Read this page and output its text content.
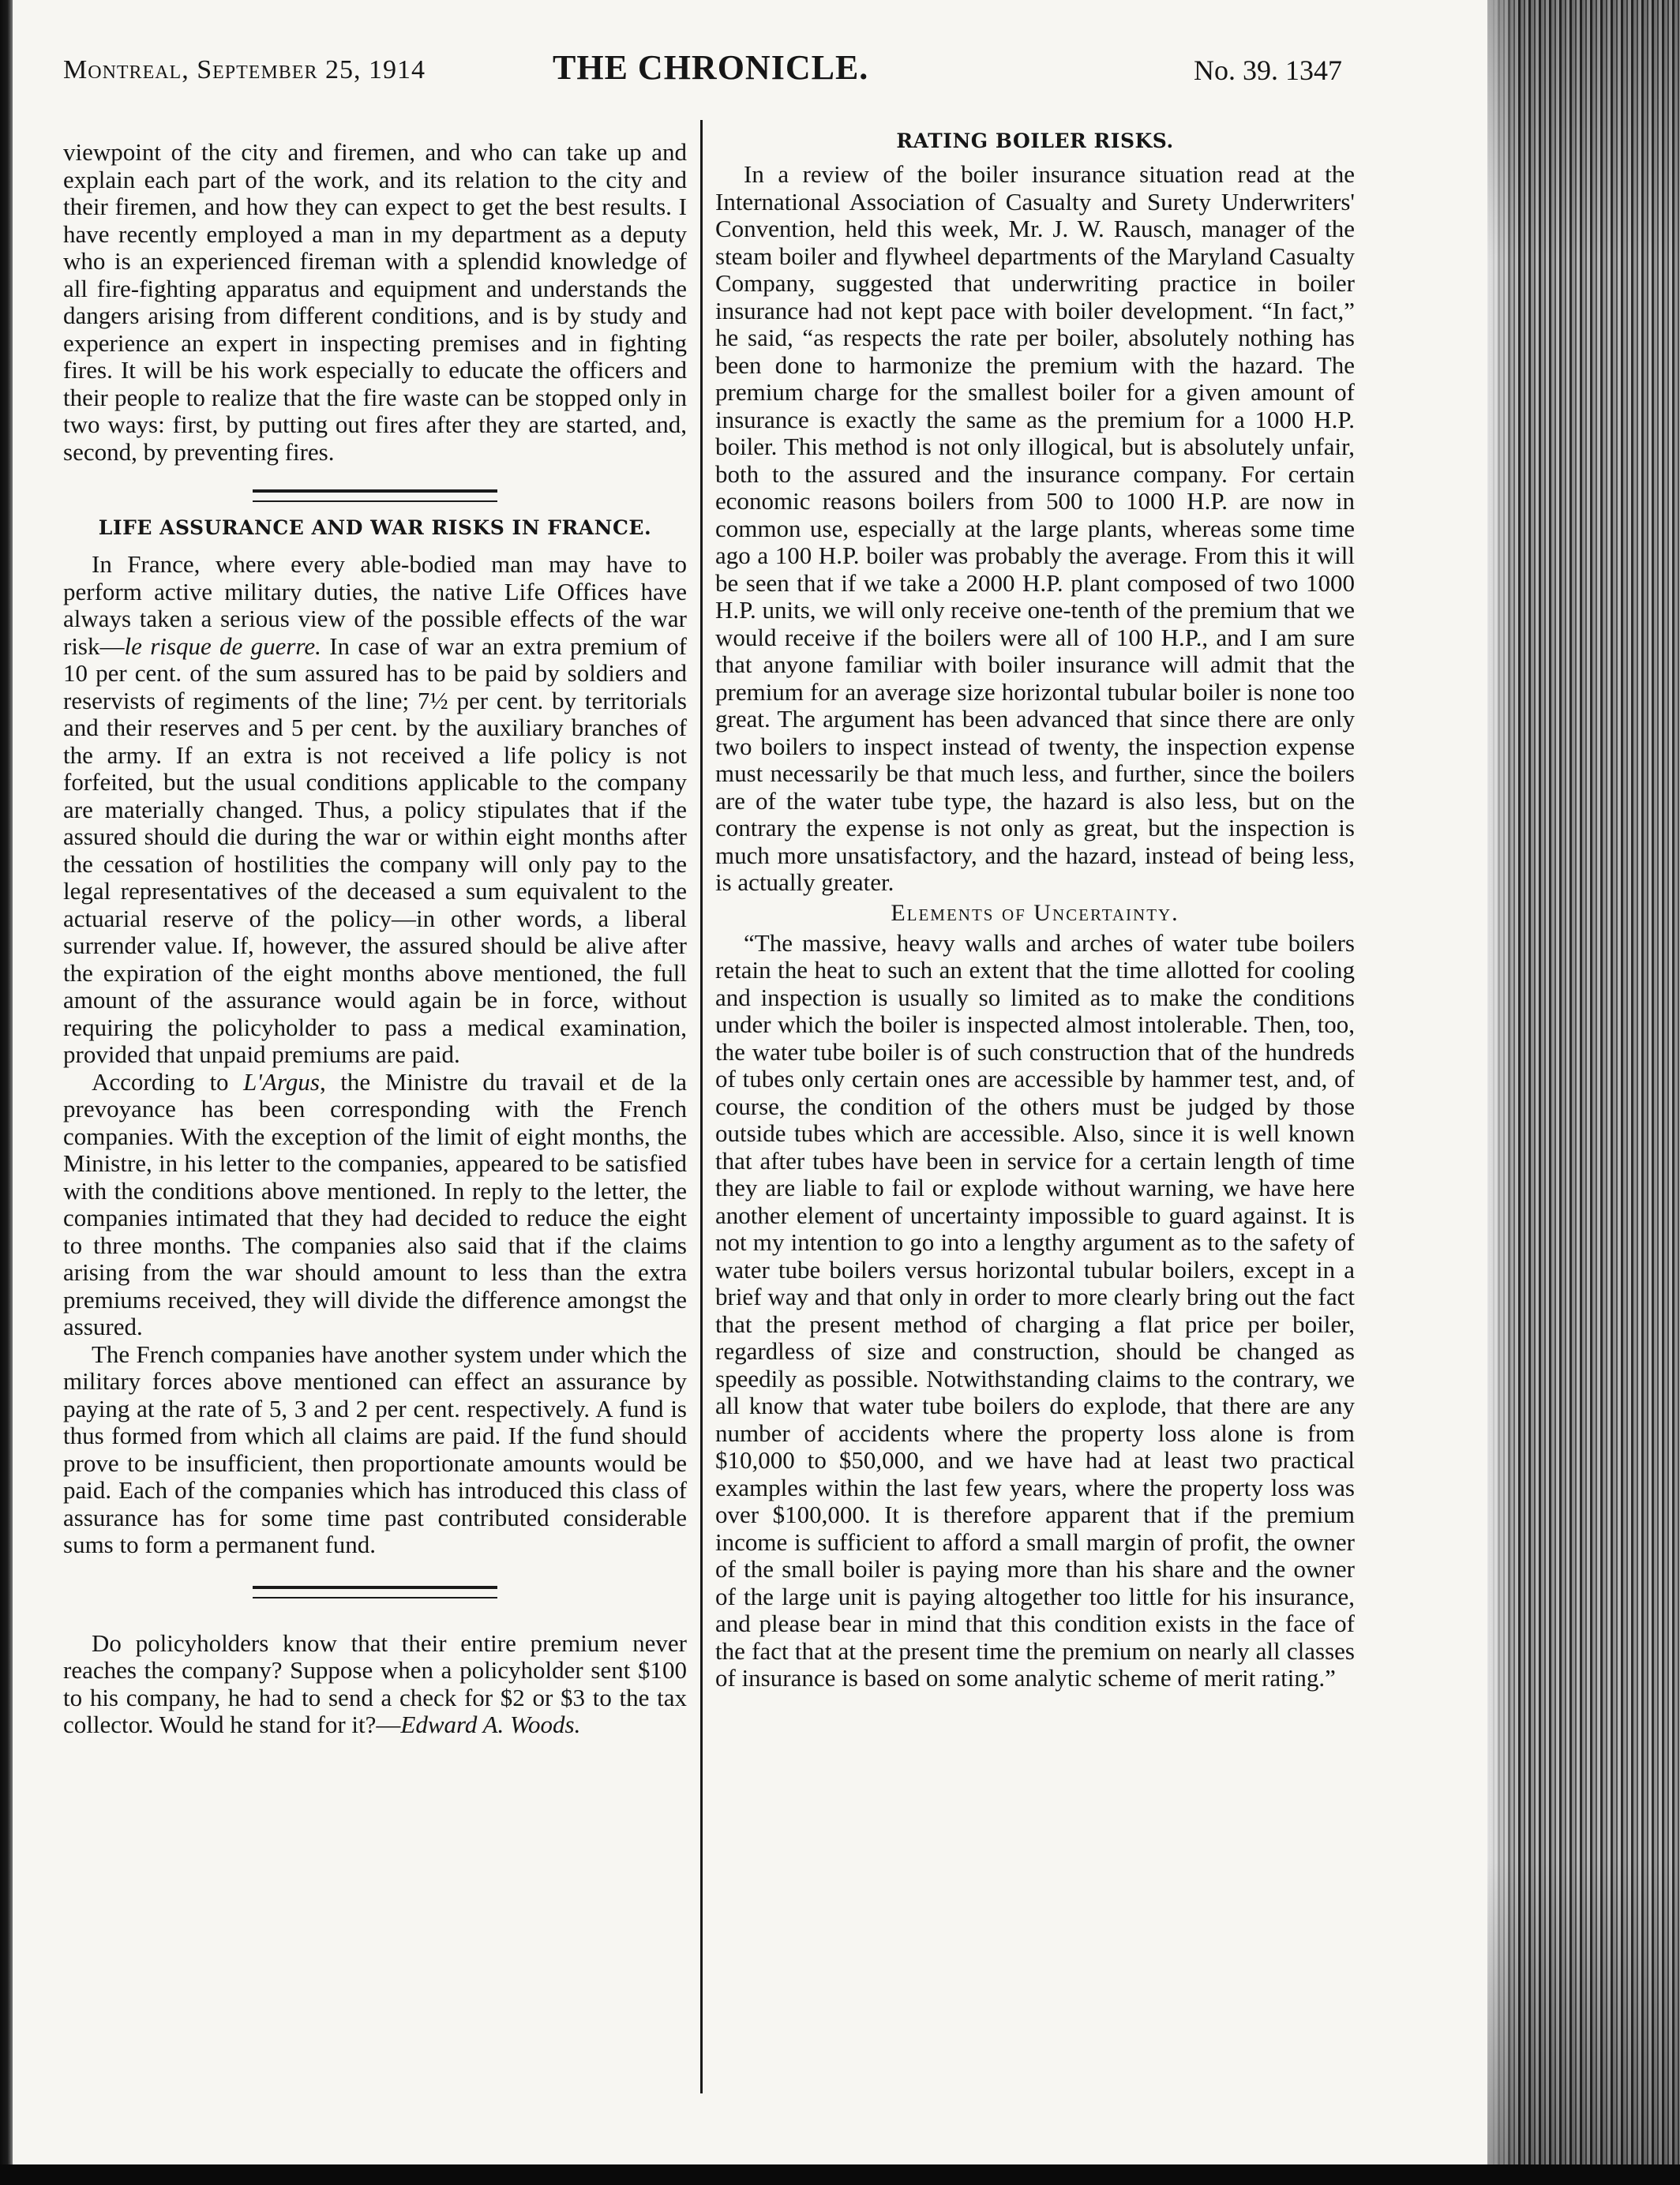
Montreal, September 25, 1914	THE CHRONICLE.	No. 39. 1347

viewpoint of the city and firemen, and who can take up and explain each part of the work, and its relation to the city and their firemen, and how they can expect to get the best results. I have recently employed a man in my department as a deputy who is an experienced fireman with a splendid knowledge of all fire-fighting apparatus and equipment and understands the dangers arising from different conditions, and is by study and experience an expert in inspecting premises and in fighting fires. It will be his work especially to educate the officers and their people to realize that the fire waste can be stopped only in two ways: first, by putting out fires after they are started, and, second, by preventing fires.

LIFE ASSURANCE AND WAR RISKS IN FRANCE.

In France, where every able-bodied man may have to perform active military duties, the native Life Offices have always taken a serious view of the possible effects of the war risk—le risque de guerre. In case of war an extra premium of 10 per cent. of the sum assured has to be paid by soldiers and reservists of regiments of the line; 7½ per cent. by territorials and their reserves and 5 per cent. by the auxiliary branches of the army. If an extra is not received a life policy is not forfeited, but the usual conditions applicable to the company are materially changed. Thus, a policy stipulates that if the assured should die during the war or within eight months after the cessation of hostilities the company will only pay to the legal representatives of the deceased a sum equivalent to the actuarial reserve of the policy—in other words, a liberal surrender value. If, however, the assured should be alive after the expiration of the eight months above mentioned, the full amount of the assurance would again be in force, without requiring the policyholder to pass a medical examination, provided that unpaid premiums are paid.

According to L'Argus, the Ministre du travail et de la prevoyance has been corresponding with the French companies. With the exception of the limit of eight months, the Ministre, in his letter to the companies, appeared to be satisfied with the conditions above mentioned. In reply to the letter, the companies intimated that they had decided to reduce the eight to three months. The companies also said that if the claims arising from the war should amount to less than the extra premiums received, they will divide the difference amongst the assured.

The French companies have another system under which the military forces above mentioned can effect an assurance by paying at the rate of 5, 3 and 2 per cent. respectively. A fund is thus formed from which all claims are paid. If the fund should prove to be insufficient, then proportionate amounts would be paid. Each of the companies which has introduced this class of assurance has for some time past contributed considerable sums to form a permanent fund.

Do policyholders know that their entire premium never reaches the company? Suppose when a policyholder sent $100 to his company, he had to send a check for $2 or $3 to the tax collector. Would he stand for it?—Edward A. Woods.

RATING BOILER RISKS.

In a review of the boiler insurance situation read at the International Association of Casualty and Surety Underwriters' Convention, held this week, Mr. J. W. Rausch, manager of the steam boiler and flywheel departments of the Maryland Casualty Company, suggested that underwriting practice in boiler insurance had not kept pace with boiler development. “In fact,” he said, “as respects the rate per boiler, absolutely nothing has been done to harmonize the premium with the hazard. The premium charge for the smallest boiler for a given amount of insurance is exactly the same as the premium for a 1000 H.P. boiler. This method is not only illogical, but is absolutely unfair, both to the assured and the insurance company. For certain economic reasons boilers from 500 to 1000 H.P. are now in common use, especially at the large plants, whereas some time ago a 100 H.P. boiler was probably the average. From this it will be seen that if we take a 2000 H.P. plant composed of two 1000 H.P. units, we will only receive one-tenth of the premium that we would receive if the boilers were all of 100 H.P., and I am sure that anyone familiar with boiler insurance will admit that the premium for an average size horizontal tubular boiler is none too great. The argument has been advanced that since there are only two boilers to inspect instead of twenty, the inspection expense must necessarily be that much less, and further, since the boilers are of the water tube type, the hazard is also less, but on the contrary the expense is not only as great, but the inspection is much more unsatisfactory, and the hazard, instead of being less, is actually greater.

Elements of Uncertainty.

“The massive, heavy walls and arches of water tube boilers retain the heat to such an extent that the time allotted for cooling and inspection is usually so limited as to make the conditions under which the boiler is inspected almost intolerable. Then, too, the water tube boiler is of such construction that of the hundreds of tubes only certain ones are accessible by hammer test, and, of course, the condition of the others must be judged by those outside tubes which are accessible. Also, since it is well known that after tubes have been in service for a certain length of time they are liable to fail or explode without warning, we have here another element of uncertainty impossible to guard against. It is not my intention to go into a lengthy argument as to the safety of water tube boilers versus horizontal tubular boilers, except in a brief way and that only in order to more clearly bring out the fact that the present method of charging a flat price per boiler, regardless of size and construction, should be changed as speedily as possible. Notwithstanding claims to the contrary, we all know that water tube boilers do explode, that there are any number of accidents where the property loss alone is from $10,000 to $50,000, and we have had at least two practical examples within the last few years, where the property loss was over $100,000. It is therefore apparent that if the premium income is sufficient to afford a small margin of profit, the owner of the small boiler is paying more than his share and the owner of the large unit is paying altogether too little for his insurance, and please bear in mind that this condition exists in the face of the fact that at the present time the premium on nearly all classes of insurance is based on some analytic scheme of merit rating.”
